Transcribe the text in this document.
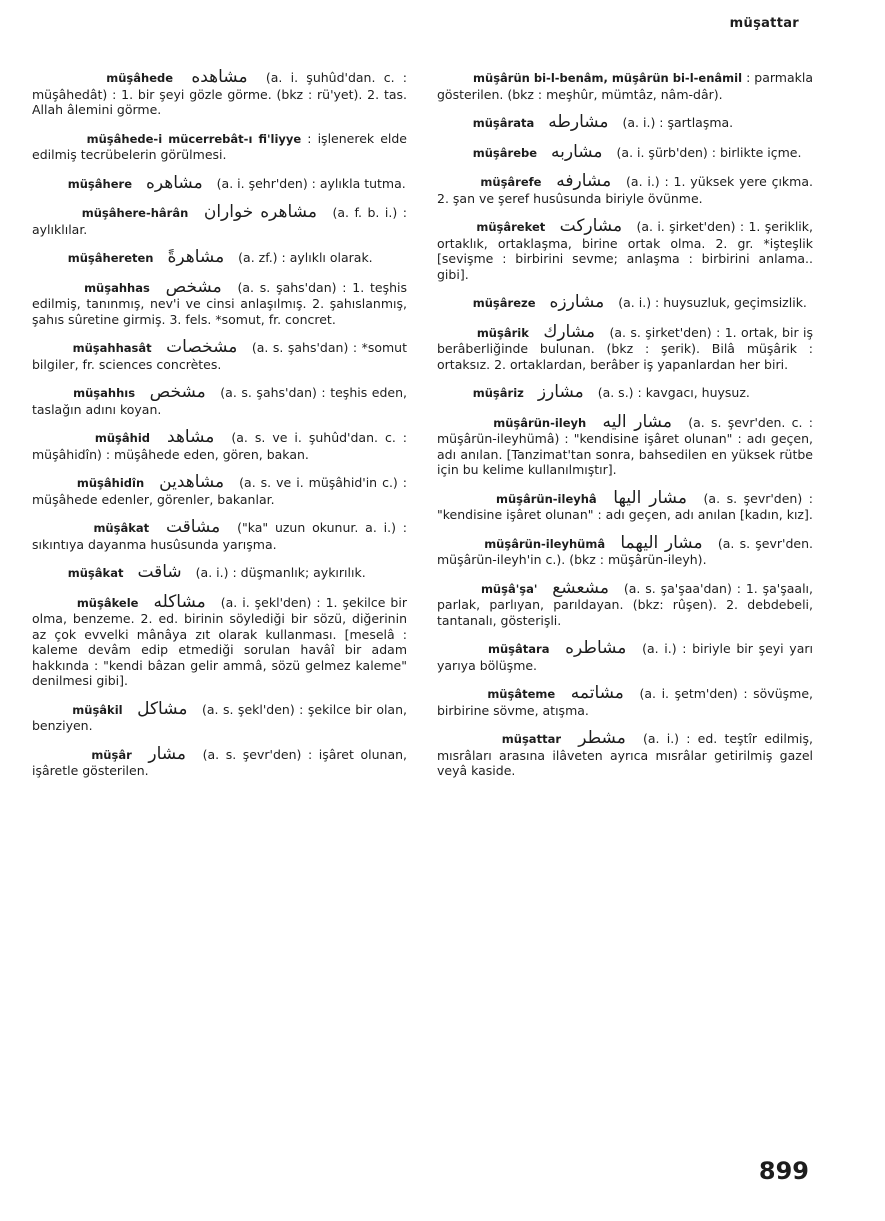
müşattar
müşâhede مشاهده (a. i. şuhûd'dan. c. : müşâhedât) : 1. bir şeyi gözle görme. (bkz : rü'yet). 2. tas. Allah âlemini görme.
müşâhede-i mücerrebât-ı fi'liyye : işlenerek elde edilmiş tecrübelerin görülmesi.
müşâhere مشاهره (a. i. şehr'den) : aylıkla tutma.
müşâhere-hârân مشاهره خواران (a. f. b. i.) : aylıklılar.
müşâhereten مشاهرةً (a. zf.) : aylıklı olarak.
müşahhas مشخص (a. s. şahs'dan) : 1. teşhis edilmiş, tanınmış, nev'i ve cinsi anlaşılmış. 2. şahıslanmış, şahıs sûretine girmiş. 3. fels. *somut, fr. concret.
müşahhasât مشخصات (a. s. şahs'dan) : *somut bilgiler, fr. sciences concrètes.
müşahhıs مشخص (a. s. şahs'dan) : teşhis eden, taslağın adını koyan.
müşâhid مشاهد (a. s. ve i. şuhûd'dan. c. : müşâhidîn) : müşâhede eden, gören, bakan.
müşâhidîn مشاهدين (a. s. ve i. müşâhid'in c.) : müşâhede edenler, görenler, bakanlar.
müşâkat مشاقت ("ka" uzun okunur. a. i.) : sıkıntıya dayanma husûsunda yarışma.
müşâkat شاقت (a. i.) : düşmanlık; aykırılık.
müşâkele مشاكله (a. i. şekl'den) : 1. şekilce bir olma, benzeme. 2. ed. birinin söylediği bir sözü, diğerinin az çok evvelki mânâya zıt olarak kullanması. [meselâ : kaleme devâm edip etmediği sorulan havâî bir adam hakkında : "kendi bâzan gelir ammâ, sözü gelmez kaleme" denilmesi gibi].
müşâkil مشاكل (a. s. şekl'den) : şekilce bir olan, benziyen.
müşâr مشار (a. s. şevr'den) : işâret olunan, işâretle gösterilen.
müşârün bi-l-benâm, müşârün bi-l-enâmil : parmakla gösterilen. (bkz : meşhûr, mümtâz, nâm-dâr).
müşârata مشارطه (a. i.) : şartlaşma.
müşârebe مشاربه (a. i. şürb'den) : birlikte içme.
müşârefe مشارفه (a. i.) : 1. yüksek yere çıkma. 2. şan ve şeref husûsunda biriyle övünme.
müşâreket مشاركت (a. i. şirket'den) : 1. şeriklik, ortaklık, ortaklaşma, birine ortak olma. 2. gr. *işteşlik [sevişme : birbirini sevme; anlaşma : birbirini anlama.. gibi].
müşâreze مشارزه (a. i.) : huysuzluk, geçimsizlik.
müşârik مشارك (a. s. şirket'den) : 1. ortak, bir iş berâberliğinde bulunan. (bkz : şerik). Bilâ müşârik : ortaksız. 2. ortaklardan, berâber iş yapanlardan her biri.
müşâriz مشارز (a. s.) : kavgacı, huysuz.
müşârün-ileyh مشار اليه (a. s. şevr'den. c. : müşârün-ileyhümâ) : "kendisine işâret olunan" : adı geçen, adı anılan. [Tanzimat'tan sonra, bahsedilen en yüksek rütbe için bu kelime kullanılmıştır].
müşârün-ileyhâ مشار اليها (a. s. şevr'den) : "kendisine işâret olunan" : adı geçen, adı anılan [kadın, kız].
müşârün-ileyhümâ مشار اليهما (a. s. şevr'den. müşârün-ileyh'in c.). (bkz : müşârün-ileyh).
müşâ'şa' مشعشع (a. s. şa'şaa'dan) : 1. şa'şaalı, parlak, parlıyan, parıldayan. (bkz: rûşen). 2. debdebeli, tantanalı, gösterişli.
müşâtara مشاطره (a. i.) : biriyle bir şeyi yarı yarıya bölüşme.
müşâteme مشاتمه (a. i. şetm'den) : sövüşme, birbirine sövme, atışma.
müşattar مشطر (a. i.) : ed. teştîr edilmiş, mısrâları arasına ilâveten ayrıca mısrâlar getirilmiş gazel veyâ kaside.
899
